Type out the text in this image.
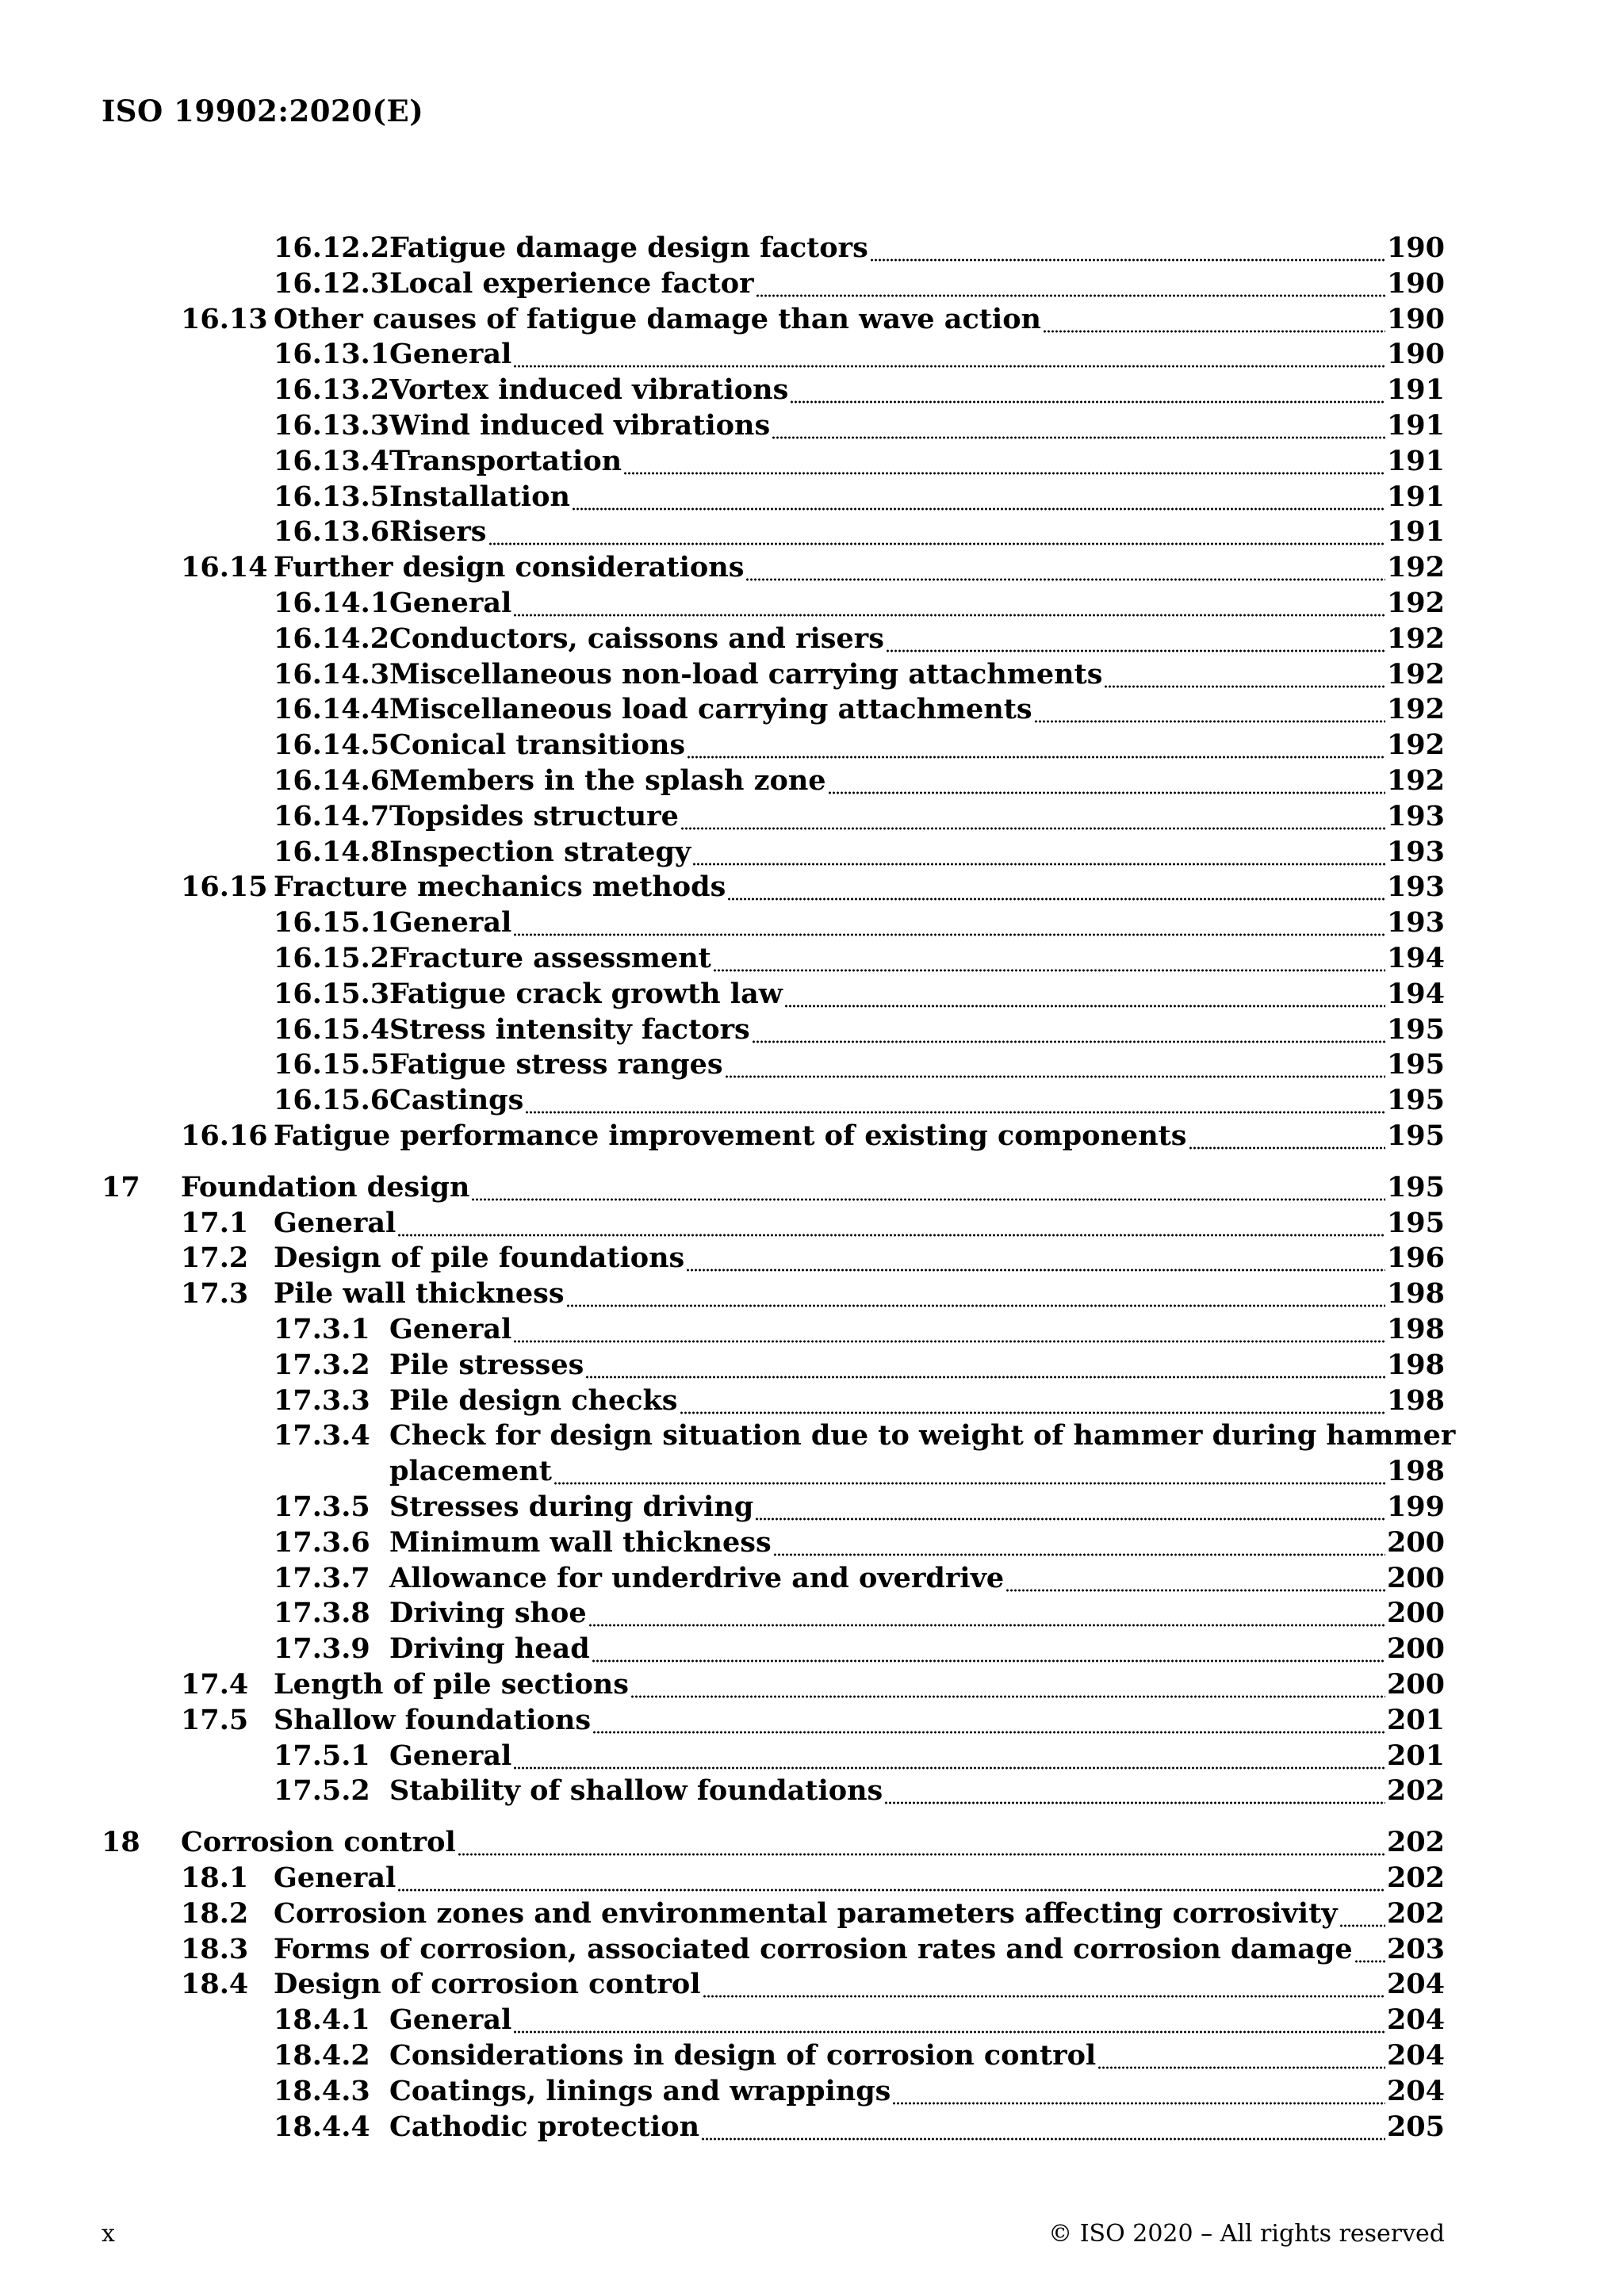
ISO 19902:2020(E)
16.12.2 Fatigue damage design factors	190
16.12.3 Local experience factor	190
16.13 Other causes of fatigue damage than wave action	190
16.13.1 General	190
16.13.2 Vortex induced vibrations	191
16.13.3 Wind induced vibrations	191
16.13.4 Transportation	191
16.13.5 Installation	191
16.13.6 Risers	191
16.14 Further design considerations	192
16.14.1 General	192
16.14.2 Conductors, caissons and risers	192
16.14.3 Miscellaneous non-load carrying attachments	192
16.14.4 Miscellaneous load carrying attachments	192
16.14.5 Conical transitions	192
16.14.6 Members in the splash zone	192
16.14.7 Topsides structure	193
16.14.8 Inspection strategy	193
16.15 Fracture mechanics methods	193
16.15.1 General	193
16.15.2 Fracture assessment	194
16.15.3 Fatigue crack growth law	194
16.15.4 Stress intensity factors	195
16.15.5 Fatigue stress ranges	195
16.15.6 Castings	195
16.16 Fatigue performance improvement of existing components	195
17	Foundation design	195
17.1 General	195
17.2 Design of pile foundations	196
17.3 Pile wall thickness	198
17.3.1 General	198
17.3.2 Pile stresses	198
17.3.3 Pile design checks	198
17.3.4 Check for design situation due to weight of hammer during hammer
placement	198
17.3.5 Stresses during driving	199
17.3.6 Minimum wall thickness	200
17.3.7 Allowance for underdrive and overdrive	200
17.3.8 Driving shoe	200
17.3.9 Driving head	200
17.4 Length of pile sections	200
17.5 Shallow foundations	201
17.5.1 General	201
17.5.2 Stability of shallow foundations	202
18	Corrosion control	202
18.1 General	202
18.2 Corrosion zones and environmental parameters affecting corrosivity 202
18.3 Forms of corrosion, associated corrosion rates and corrosion damage 203
18.4 Design of corrosion control	204
18.4.1 General	204
18.4.2 Considerations in design of corrosion control	204
18.4.3 Coatings, linings and wrappings	204
18.4.4 Cathodic protection	205
x	© ISO 2020 – All rights reserved
